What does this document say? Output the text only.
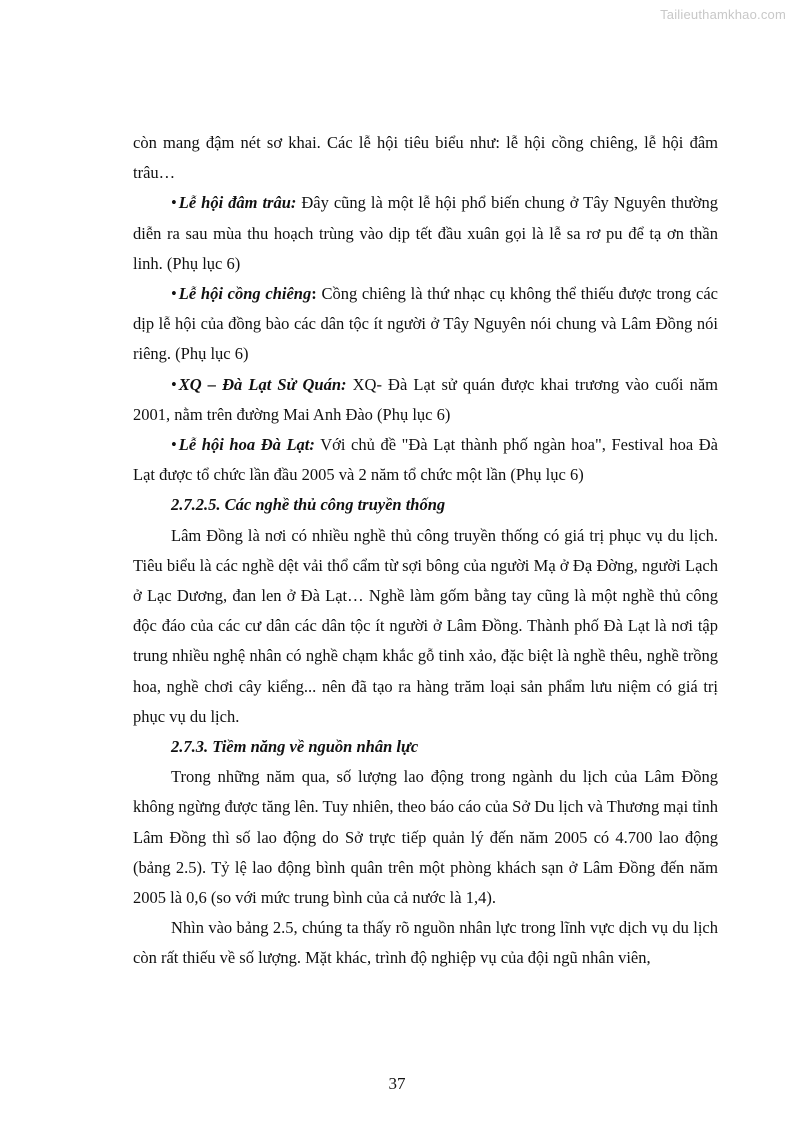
Tailieuthamkhao.com

còn mang đậm nét sơ khai. Các lễ hội tiêu biểu như: lễ hội cồng chiêng, lễ hội đâm trâu…

• Lễ hội đâm trâu: Đây cũng là một lễ hội phổ biến chung ở Tây Nguyên thường diễn ra sau mùa thu hoạch trùng vào dịp tết đầu xuân gọi là lễ sa rơ pu để tạ ơn thần linh. (Phụ lục 6)

• Lễ hội cồng chiêng: Cồng chiêng là thứ nhạc cụ không thể thiếu được trong các dịp lễ hội của đồng bào các dân tộc ít người ở Tây Nguyên nói chung và Lâm Đồng nói riêng. (Phụ lục 6)

• XQ – Đà Lạt Sử Quán: XQ- Đà Lạt sử quán được khai trương vào cuối năm 2001, nằm trên đường Mai Anh Đào (Phụ lục 6)

• Lễ hội hoa Đà Lạt: Với chủ đề "Đà Lạt thành phố ngàn hoa", Festival hoa Đà Lạt được tổ chức lần đầu 2005 và 2 năm tổ chức một lần (Phụ lục 6)

2.7.2.5. Các nghề thủ công truyền thống

Lâm Đồng là nơi có nhiều nghề thủ công truyền thống có giá trị phục vụ du lịch. Tiêu biểu là các nghề dệt vải thổ cẩm từ sợi bông của người Mạ ở Đạ Đờng, người Lạch ở Lạc Dương, đan len ở Đà Lạt… Nghề làm gốm bằng tay cũng là một nghề thủ công độc đáo của các cư dân các dân tộc ít người ở Lâm Đồng. Thành phố Đà Lạt là nơi tập trung nhiều nghệ nhân có nghề chạm khắc gỗ tinh xảo, đặc biệt là nghề thêu, nghề trồng hoa, nghề chơi cây kiểng... nên đã tạo ra hàng trăm loại sản phẩm lưu niệm có giá trị phục vụ du lịch.

2.7.3. Tiềm năng về nguồn nhân lực

Trong những năm qua, số lượng lao động trong ngành du lịch của Lâm Đồng không ngừng được tăng lên. Tuy nhiên, theo báo cáo của Sở Du lịch và Thương mại tỉnh Lâm Đồng thì số lao động do Sở trực tiếp quản lý đến năm 2005 có 4.700 lao động (bảng 2.5). Tỷ lệ lao động bình quân trên một phòng khách sạn ở Lâm Đồng đến năm 2005 là 0,6 (so với mức trung bình của cả nước là 1,4).

Nhìn vào bảng 2.5, chúng ta thấy rõ nguồn nhân lực trong lĩnh vực dịch vụ du lịch còn rất thiếu về số lượng. Mặt khác, trình độ nghiệp vụ của đội ngũ nhân viên,

37
